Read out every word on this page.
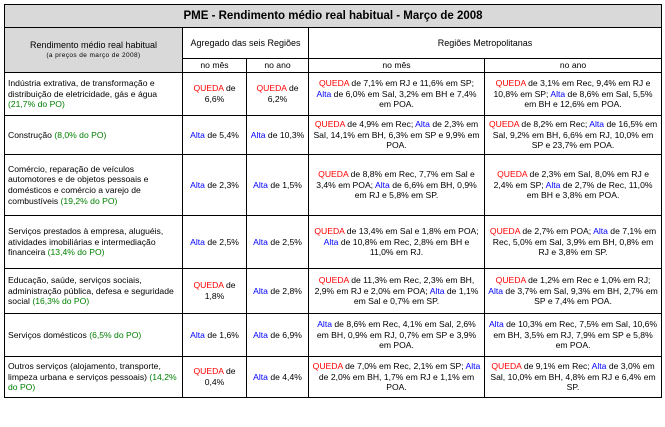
PME - Rendimento médio real habitual - Março de 2008				

Rendimento médio real habitual
(a preços de março de 2008)	Agregado das seis Regiões		Regiões Metropolitanas	

	no mês	no ano	no mês	no ano
Indústria extrativa, de transformação e distribuição de eletricidade, gás e água (21,7% do PO)	QUEDA de 6,6%	QUEDA de 6,2%	QUEDA de 7,1% em RJ e 11,6% em SP; Alta de 6,0% em Sal, 3,2% em BH e 7,4% em POA.	QUEDA de 3,1% em Rec, 9,4% em RJ e 10,8% em SP; Alta de 8,6% em Sal, 5,5% em BH e 12,6% em POA.
Construção (8,0% do PO)	Alta de 5,4%	Alta de 10,3%	QUEDA de 4,9% em Rec; Alta de 2,3% em Sal, 14,1% em BH, 6,3% em SP e 9,9% em POA.	QUEDA de 8,2% em Rec; Alta de 16,5% em Sal, 9,2% em BH, 6,6% em RJ, 10,0% em SP e 23,7% em POA.
Comércio, reparação de veículos automotores e de objetos pessoais e domésticos e comércio a varejo de combustíveis (19,2% do PO)	Alta de 2,3%	Alta de 1,5%	QUEDA de 8,8% em Rec, 7,7% em Sal e 3,4% em POA; Alta de 6,6% em BH, 0,9% em RJ e 5,8% em SP.	QUEDA de 2,3% em Sal, 8,0% em RJ e 2,4% em SP; Alta de 2,7% de Rec, 11,0% em BH e 3,8% em POA.
Serviços prestados à empresa, aluguéis, atividades imobiliárias e intermediação financeira (13,4% do PO)	Alta de 2,5%	Alta de 2,5%	QUEDA de 13,4% em Sal e 1,8% em POA; Alta de 10,8% em Rec, 2,8% em BH e 11,0% em RJ.	QUEDA de 2,7% em POA; Alta de 7,1% em Rec, 5,0% em Sal, 3,9% em BH, 0,8% em RJ e 3,8% em SP.
Educação, saúde, serviços sociais, administração pública, defesa e seguridade social (16,3% do PO)	QUEDA de 1,8%	Alta de 2,8%	QUEDA de 11,3% em Rec, 2,3% em BH, 2,9% em RJ e 2,0% em POA; Alta de 1,1% em Sal e 0,7% em SP.	QUEDA de 1,2% em Rec e 1,0% em RJ; Alta de 3,7% em Sal, 9,3% em BH, 2,7% em SP e 7,4% em POA.
Serviços domésticos (6,5% do PO)	Alta de 1,6%	Alta de 6,9%	Alta de 8,6% em Rec, 4,1% em Sal, 2,6% em BH, 0,9% em RJ, 0,7% em SP e 3,9% em POA.	Alta de 10,3% em Rec, 7,5% em Sal, 10,6% em BH, 3,5% em RJ, 7,9% em SP e 5,8% em POA.
Outros serviços (alojamento, transporte, limpeza urbana e serviços pessoais) (14,2% do PO)	QUEDA de 0,4%	Alta de 4,4%	QUEDA de 7,0% em Rec, 2,1% em SP; Alta de 2,0% em BH, 1,7% em RJ e 1,1% em POA.	QUEDA de 9,1% em Rec; Alta de 3,0% em Sal, 10,0% em BH, 4,8% em RJ e 6,4% em SP.
